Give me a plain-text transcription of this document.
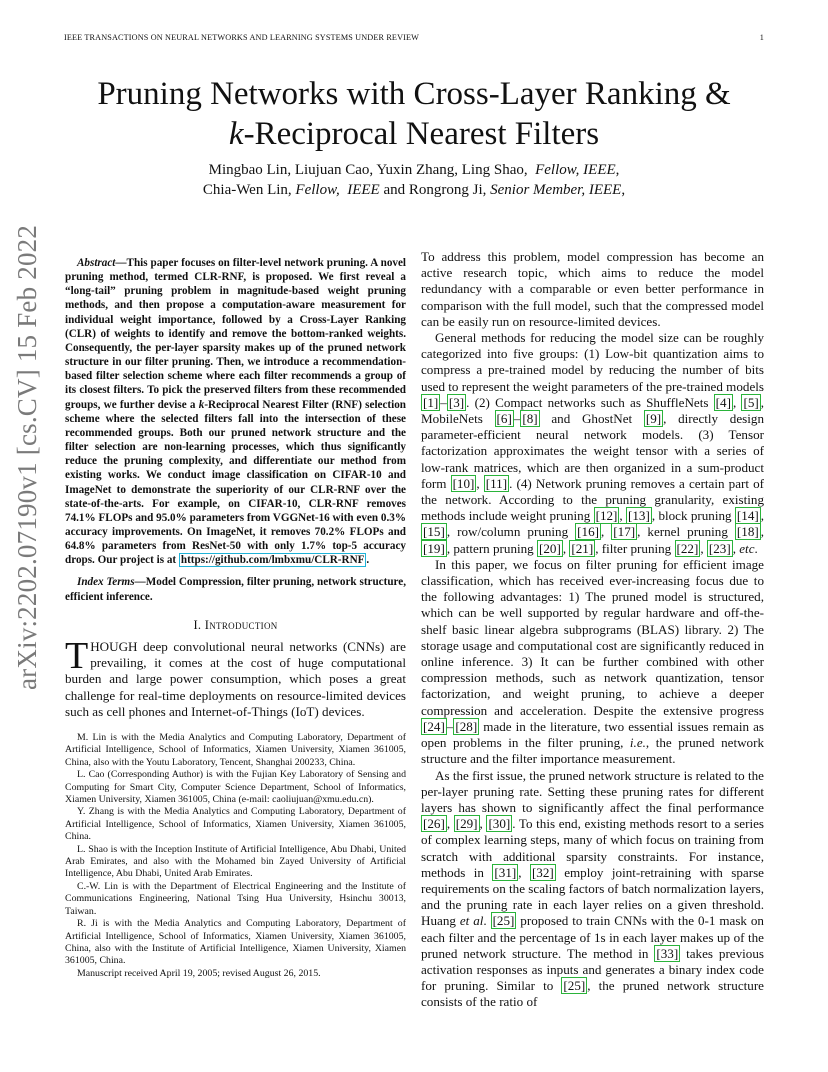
IEEE TRANSACTIONS ON NEURAL NETWORKS AND LEARNING SYSTEMS UNDER REVIEW	1
Pruning Networks with Cross-Layer Ranking &
k-Reciprocal Nearest Filters
Mingbao Lin, Liujuan Cao, Yuxin Zhang, Ling Shao, Fellow, IEEE,
Chia-Wen Lin, Fellow, IEEE and Rongrong Ji, Senior Member, IEEE,
arXiv:2202.07190v1 [cs.CV] 15 Feb 2022	Abstract—This paper focuses on filter-level network pruning. A novel pruning method, termed CLR-RNF, is proposed. We first reveal a “long-tail” pruning problem in magnitude-based weight pruning methods, and then propose a computation-aware measurement for individual weight importance, followed by a Cross-Layer Ranking (CLR) of weights to identify and remove the bottom-ranked weights. Consequently, the per-layer sparsity makes up of the pruned network structure in our filter pruning. Then, we introduce a recommendation-based filter selection scheme where each filter recommends a group of its closest filters. To pick the preserved filters from these recommended groups, we further devise a k-Reciprocal Nearest Filter (RNF) selection scheme where the selected filters fall into the intersection of these recommended groups. Both our pruned network structure and the filter selection are non-learning processes, which thus significantly reduce the pruning complexity, and differentiate our method from existing works. We conduct image classification on CIFAR-10 and ImageNet to demonstrate the superiority of our CLR-RNF over the state-of-the-arts. For example, on CIFAR-10, CLR-RNF removes 74.1% FLOPs and 95.0% parameters from VGGNet-16 with even 0.3% accuracy improvements. On ImageNet, it removes 70.2% FLOPs and 64.8% parameters from ResNet-50 with only 1.7% top-5 accuracy drops. Our project is at https://github.com/lmbxmu/CLR-RNF .

Index Terms—Model Compression, filter pruning, network structure, efficient inference.

I. Introduction

THOUGH deep convolutional neural networks (CNNs) are prevailing, it comes at the cost of huge computational burden and large power consumption, which poses a great challenge for real-time deployments on resource-limited devices such as cell phones and Internet-of-Things (IoT) devices.

M. Lin is with the Media Analytics and Computing Laboratory, Department of Artificial Intelligence, School of Informatics, Xiamen University, Xiamen 361005, China, also with the Youtu Laboratory, Tencent, Shanghai 200233, China.

L. Cao (Corresponding Author) is with the Fujian Key Laboratory of Sensing and Computing for Smart City, Computer Science Department, School of Informatics, Xiamen University, Xiamen 361005, China (e-mail: caoliujuan@xmu.edu.cn).

Y. Zhang is with the Media Analytics and Computing Laboratory, Department of Artificial Intelligence, School of Informatics, Xiamen University, Xiamen 361005, China.

L. Shao is with the Inception Institute of Artificial Intelligence, Abu Dhabi, United Arab Emirates, and also with the Mohamed bin Zayed University of Artificial Intelligence, Abu Dhabi, United Arab Emirates.

C.-W. Lin is with the Department of Electrical Engineering and the Institute of Communications Engineering, National Tsing Hua University, Hsinchu 30013, Taiwan.

R. Ji is with the Media Analytics and Computing Laboratory, Department of Artificial Intelligence, School of Informatics, Xiamen University, Xiamen 361005, China, also with the Institute of Artificial Intelligence, Xiamen University, Xiamen 361005, China.

Manuscript received April 19, 2005; revised August 26, 2015.

To address this problem, model compression has become an active research topic, which aims to reduce the model redundancy with a comparable or even better performance in comparison with the full model, such that the compressed model can be easily run on resource-limited devices.

General methods for reducing the model size can be roughly categorized into five groups: (1) Low-bit quantization aims to compress a pre-trained model by reducing the number of bits used to represent the weight parameters of the pre-trained models [1] – [3] . (2) Compact networks such as ShuffleNets [4] , [5] , MobileNets [6] – [8] and GhostNet [9] , directly design parameter-efficient neural network models. (3) Tensor factorization approximates the weight tensor with a series of low-rank matrices, which are then organized in a sum-product form [10] , [11] . (4) Network pruning removes a certain part of the network. According to the pruning granularity, existing methods include weight pruning [12] , [13] , block pruning [14] , [15] , row/column pruning [16] , [17] , kernel pruning [18] , [19] , pattern pruning [20] , [21] , filter pruning [22] , [23] , etc.

In this paper, we focus on filter pruning for efficient image classification, which has received ever-increasing focus due to the following advantages: 1) The pruned model is structured, which can be well supported by regular hardware and off-the-shelf basic linear algebra subprograms (BLAS) library. 2) The storage usage and computational cost are significantly reduced in online inference. 3) It can be further combined with other compression methods, such as network quantization, tensor factorization, and weight pruning, to achieve a deeper compression and acceleration. Despite the extensive progress [24] – [28] made in the literature, two essential issues remain as open problems in the filter pruning, i.e., the pruned network structure and the filter importance measurement.

As the first issue, the pruned network structure is related to the per-layer pruning rate. Setting these pruning rates for different layers has shown to significantly affect the final performance [26] , [29] , [30] . To this end, existing methods resort to a series of complex learning steps, many of which focus on training from scratch with additional sparsity constraints. For instance, methods in [31] , [32] employ joint-retraining with sparse requirements on the scaling factors of batch normalization layers, and the pruning rate in each layer relies on a given threshold. Huang et al. [25] proposed to train CNNs with the 0-1 mask on each filter and the percentage of 1s in each layer makes up of the pruned network structure. The method in [33] takes previous activation responses as inputs and generates a binary index code for pruning. Similar to [25] , the pruned network structure consists of the ratio of
